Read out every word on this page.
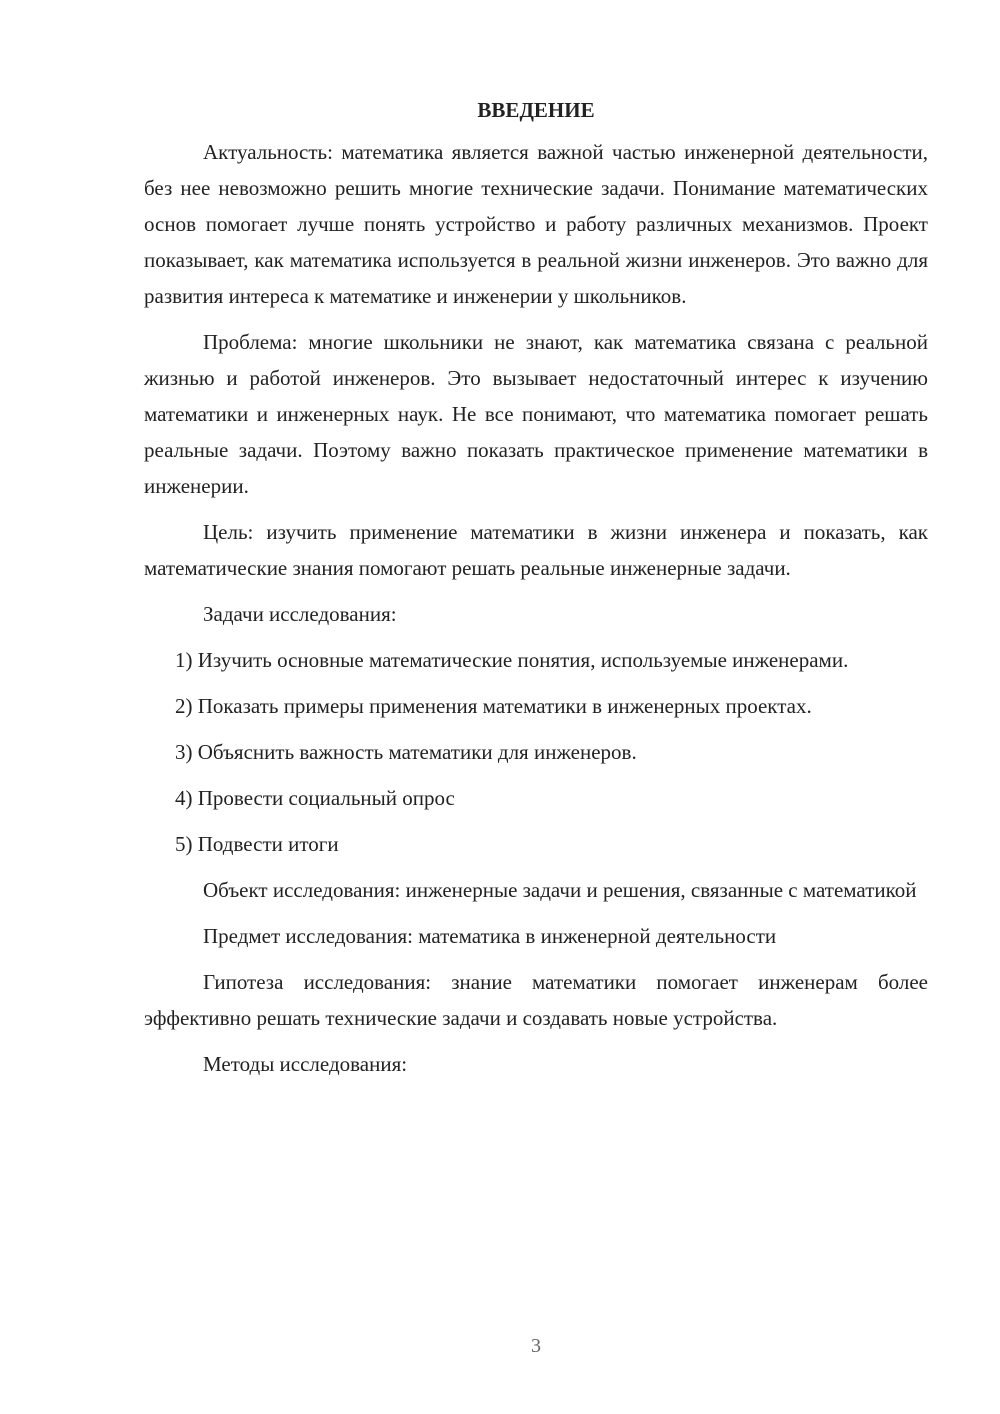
ВВЕДЕНИЕ

Актуальность: математика является важной частью инженерной деятельности, без нее невозможно решить многие технические задачи. Понимание математических основ помогает лучше понять устройство и работу различных механизмов. Проект показывает, как математика используется в реальной жизни инженеров. Это важно для развития интереса к математике и инженерии у школьников.

Проблема: многие школьники не знают, как математика связана с реальной жизнью и работой инженеров. Это вызывает недостаточный интерес к изучению математики и инженерных наук. Не все понимают, что математика помогает решать реальные задачи. Поэтому важно показать практическое применение математики в инженерии.

Цель: изучить применение математики в жизни инженера и показать, как математические знания помогают решать реальные инженерные задачи.

Задачи исследования:

1) Изучить основные математические понятия, используемые инженерами.

2) Показать примеры применения математики в инженерных проектах.

3) Объяснить важность математики для инженеров.

4) Провести социальный опрос

5) Подвести итоги

Объект исследования: инженерные задачи и решения, связанные с математикой

Предмет исследования: математика в инженерной деятельности

Гипотеза исследования: знание математики помогает инженерам более эффективно решать технические задачи и создавать новые устройства.

Методы исследования:

3
